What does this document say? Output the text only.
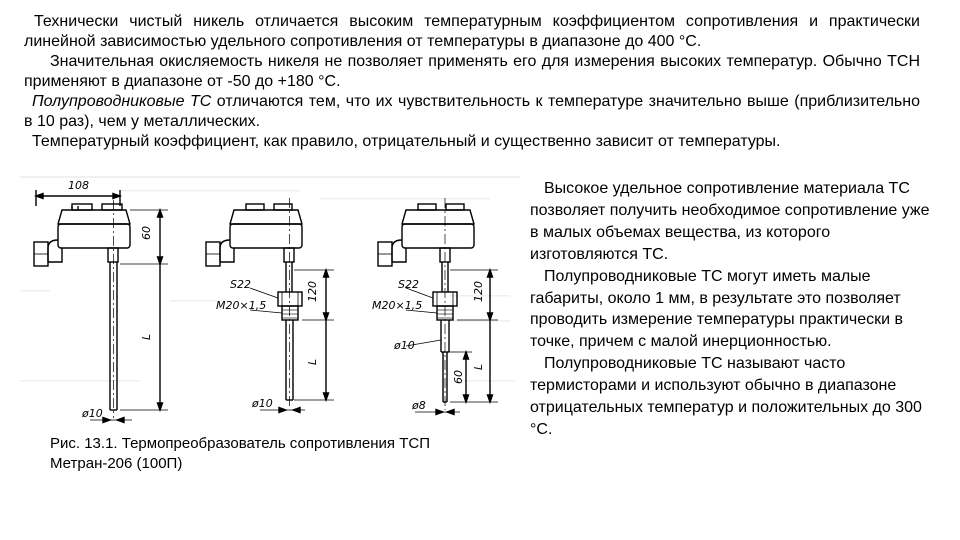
Технически чистый никель отличается высоким температурным коэффициентом сопротивления и практически линейной зависимостью удельного сопротивления от температуры в диапазоне до 400 °С.

Значительная окисляемость никеля не позволяет применять его для измерения высоких температур. Обычно ТСН применяют в диапазоне от -50 до +180 °С.

Полупроводниковые ТС отличаются тем, что их чувствительность к температуре значительно выше (приблизительно в 10 раз), чем у металлических.

Температурный коэффициент, как правило, отрицательный и существенно зависит от температуры.

108
60
L
ø10
S22
M20×1,5
120
L
ø10
S22
M20×1,5
ø10
120
L
60
ø8
Рис. 13.1. Термопреобразователь сопротивления ТСП Метран-206 (100П)

Высокое удельное сопротивление материала ТС позволяет получить необходимое сопротивление уже в малых объемах вещества, из которого изготовляются ТС.

Полупроводниковые ТС могут иметь малые габариты, около 1 мм, в результате это позволяет проводить измерение температуры практически в точке, причем с малой инерционностью.

Полупроводниковые ТС называют часто термисторами и используют обычно в диапазоне отрицательных температур и положительных до 300 °С.
